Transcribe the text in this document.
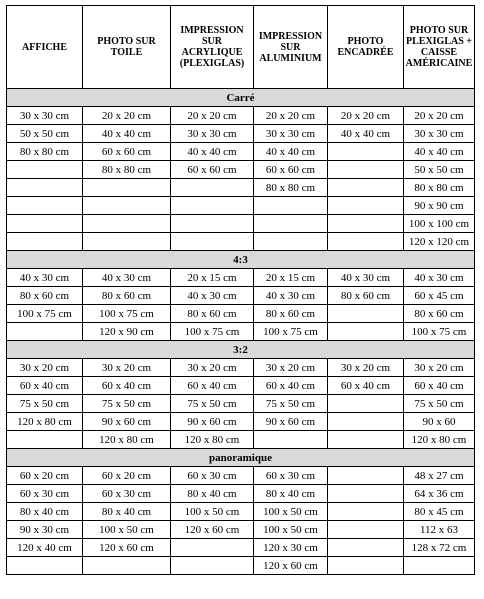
AFFICHE	PHOTO SUR TOILE	IMPRESSION SUR ACRYLIQUE (PLEXIGLAS)	IMPRESSION SUR ALUMINIUM	PHOTO ENCADRÉE	PHOTO SUR PLEXIGLAS + CAISSE AMÉRICAINE
Carré					
30 x 30 cm	20 x 20 cm	20 x 20 cm	20 x 20 cm	20 x 20 cm	20 x 20 cm
50 x 50 cm	40 x 40 cm	30 x 30 cm	30 x 30 cm	40 x 40 cm	30 x 30 cm
80 x 80 cm	60 x 60 cm	40 x 40 cm	40 x 40 cm		40 x 40 cm
	80 x 80 cm	60 x 60 cm	60 x 60 cm		50 x 50 cm
			80 x 80 cm		80 x 80 cm
					90 x 90 cm
					100 x 100 cm
					120 x 120 cm
4:3					
40 x 30 cm	40 x 30 cm	20 x 15 cm	20 x 15 cm	40 x 30 cm	40 x 30 cm
80 x 60 cm	80 x 60 cm	40 x 30 cm	40 x 30 cm	80 x 60 cm	60 x 45 cm
100 x 75 cm	100 x 75 cm	80 x 60 cm	80 x 60 cm		80 x 60 cm
	120 x 90 cm	100 x 75 cm	100 x 75 cm		100 x 75 cm
3:2					
30 x 20 cm	30 x 20 cm	30 x 20 cm	30 x 20 cm	30 x 20 cm	30 x 20 cm
60 x 40 cm	60 x 40 cm	60 x 40 cm	60 x 40 cm	60 x 40 cm	60 x 40 cm
75 x 50 cm	75 x 50 cm	75 x 50 cm	75 x 50 cm		75 x 50 cm
120 x 80 cm	90 x 60 cm	90 x 60 cm	90 x 60 cm		90 x 60
	120 x 80 cm	120 x 80 cm			120 x 80 cm
panoramique					
60 x 20 cm	60 x 20 cm	60 x 30 cm	60 x 30 cm		48 x 27 cm
60 x 30 cm	60 x 30 cm	80 x 40 cm	80 x 40 cm		64 x 36 cm
80 x 40 cm	80 x 40 cm	100 x 50 cm	100 x 50 cm		80 x 45 cm
90 x 30 cm	100 x 50 cm	120 x 60 cm	100 x 50 cm		112 x 63
120 x 40 cm	120 x 60 cm		120 x 30 cm		128 x 72 cm
			120 x 60 cm		
